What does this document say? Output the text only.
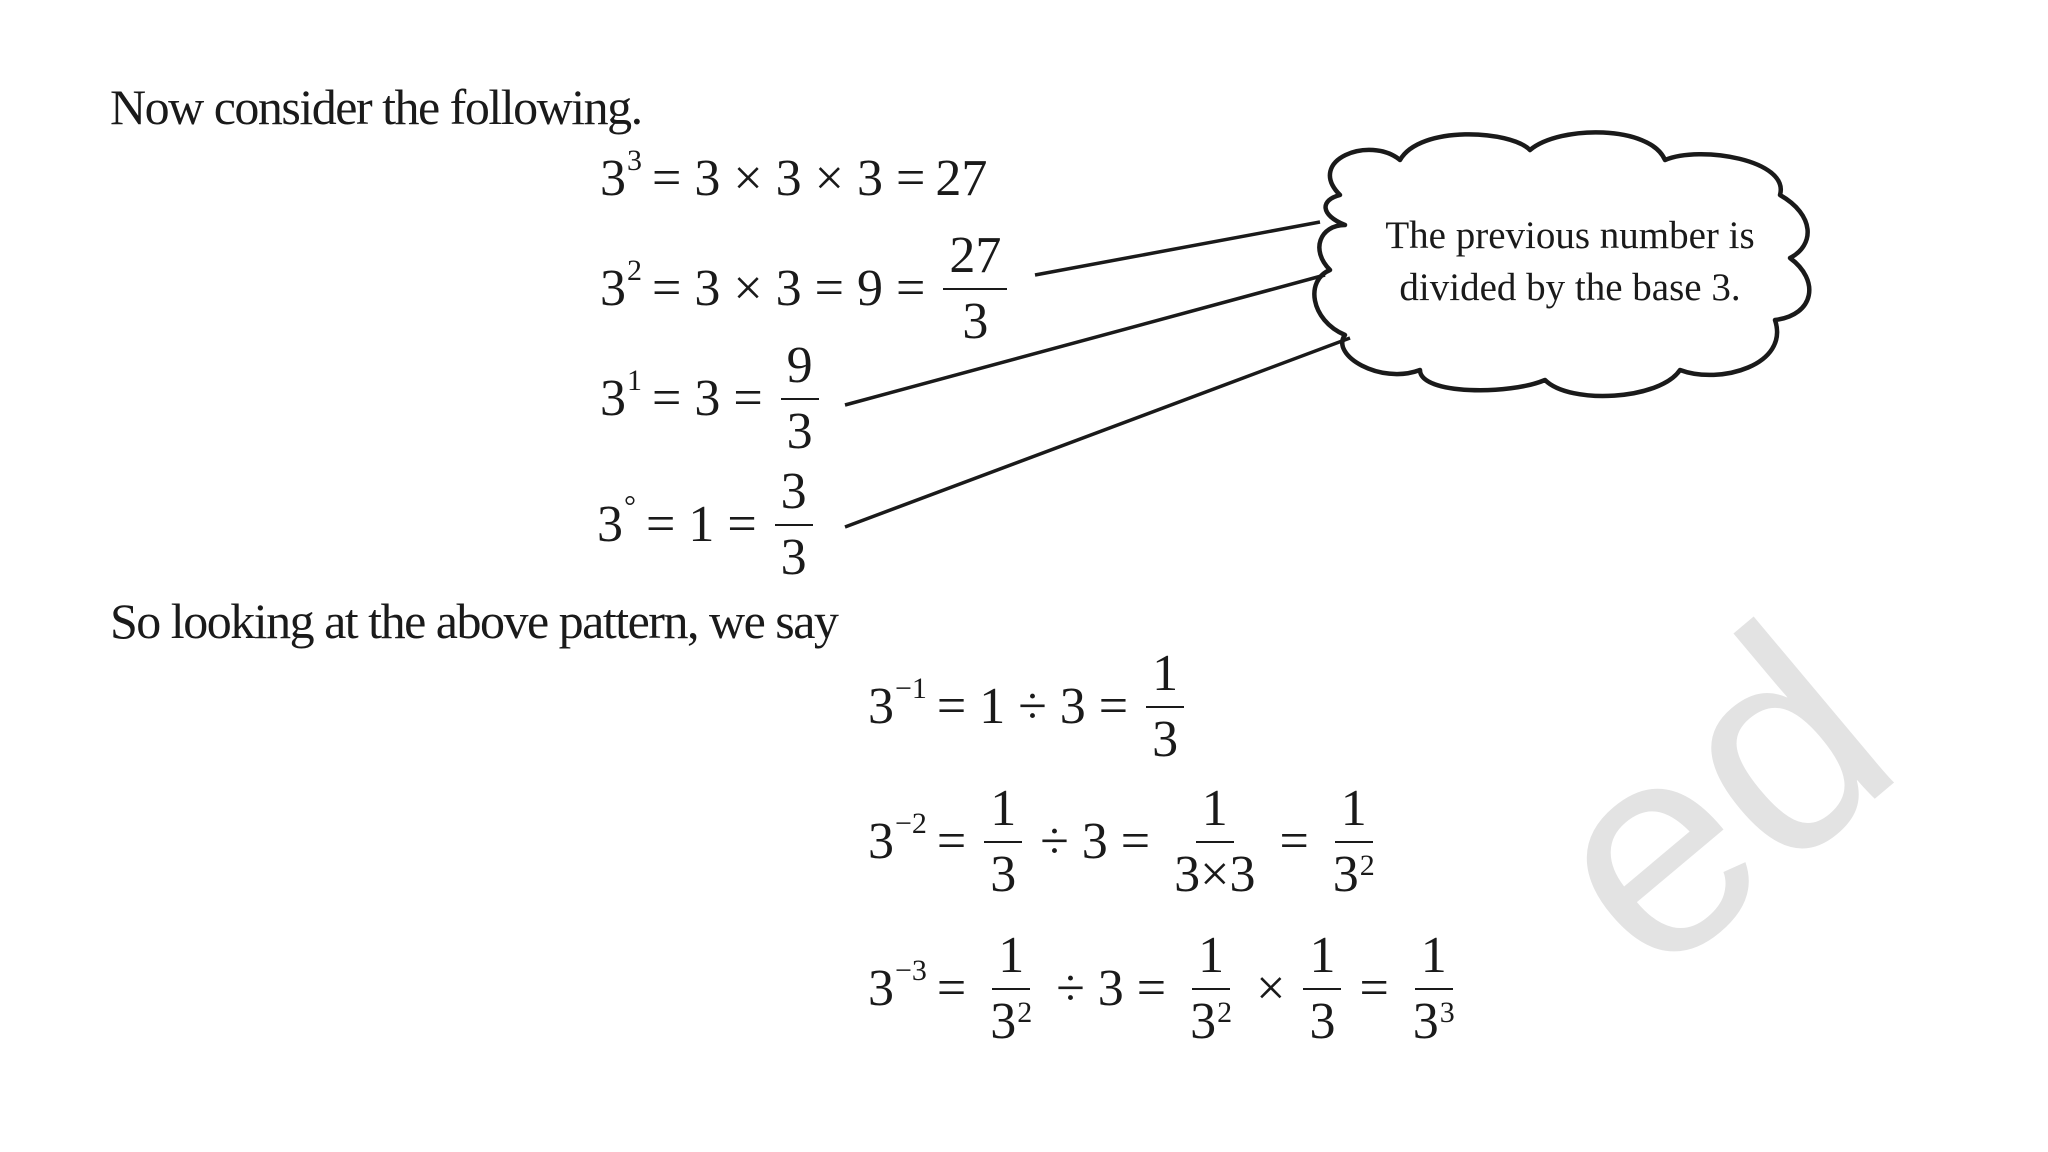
ed
The previous number is divided by the base 3.
Now consider the following.
So looking at the above pattern, we say
$3^3 = 3 \times 3 \times 3 = 27$
$3^2 = 3 \times 3 = 9 = \frac{27}{3}$
$3^1 = 3 = \frac{9}{3}$
$3^\circ = 1 = \frac{3}{3}$
$3^{-1} = 1 \div 3 = \frac{1}{3}$
$3^{-2} = \frac{1}{3} \div 3 = \frac{1}{3\times 3} = \frac{1}{3^2}$
$3^{-3} = \frac{1}{3^2} \div 3 = \frac{1}{3^2} \times \frac{1}{3} = \frac{1}{3^3}$
